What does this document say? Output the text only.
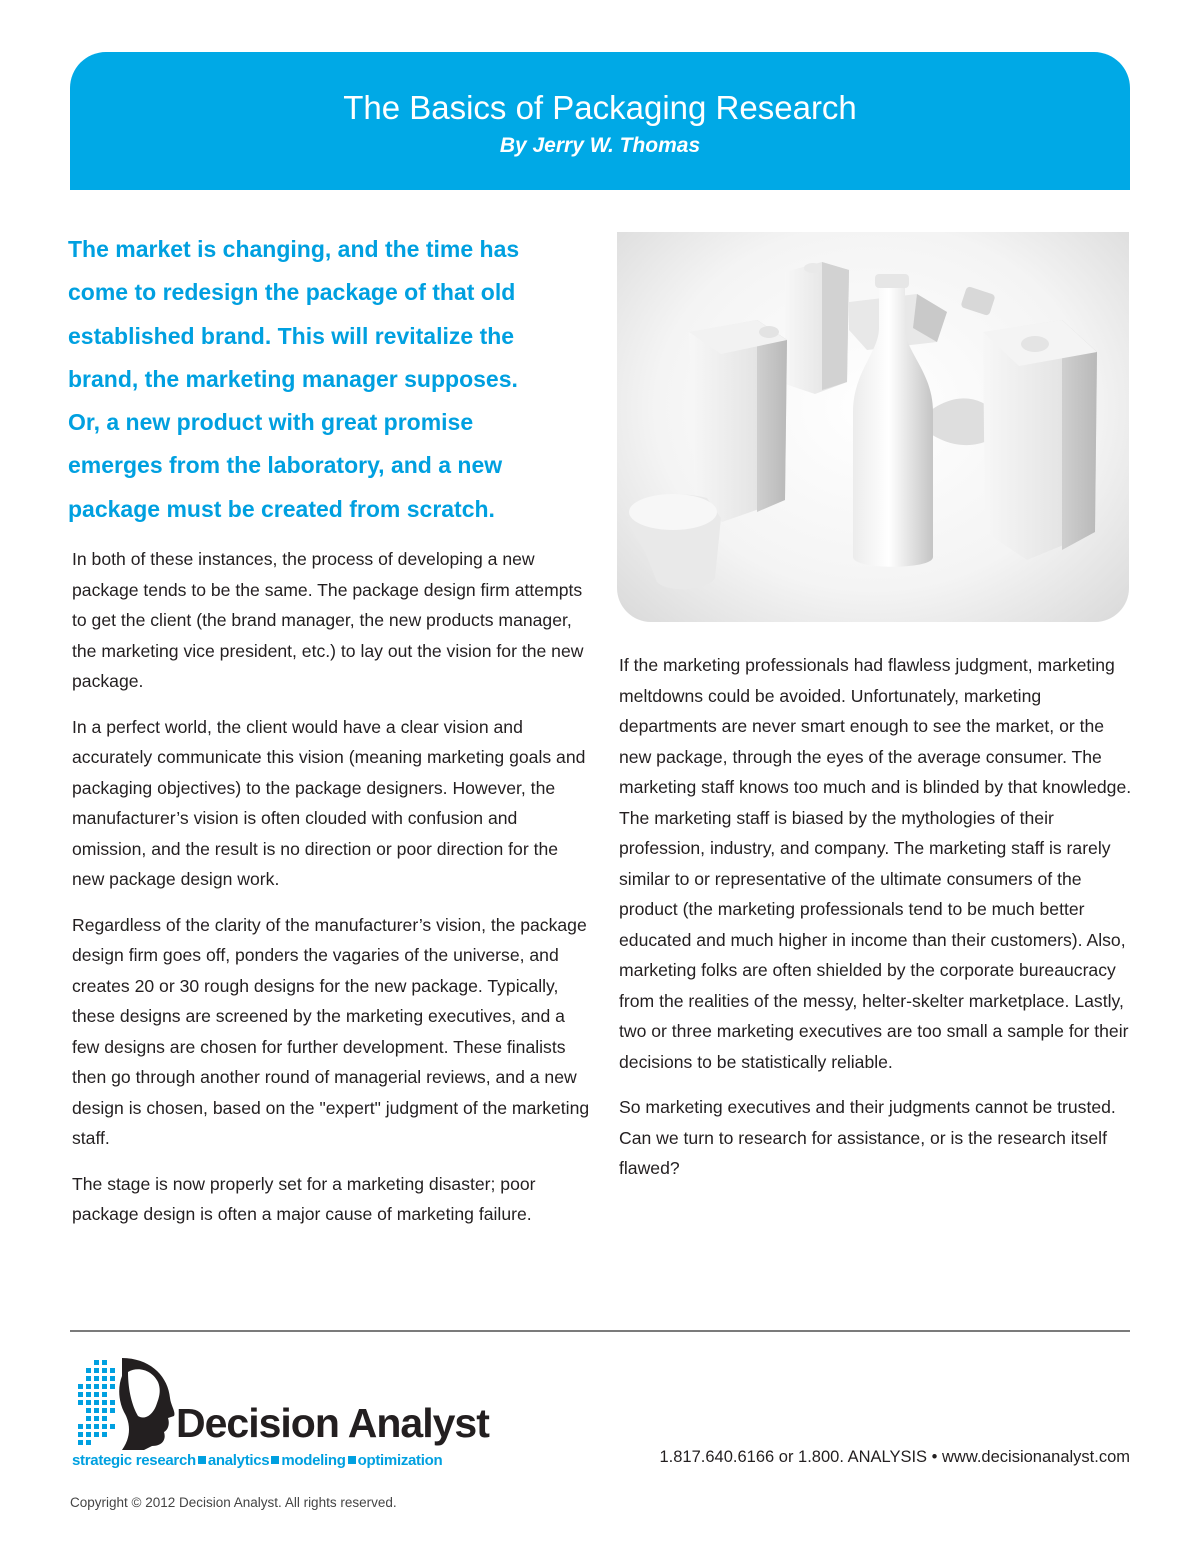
The Basics of Packaging Research
By Jerry W. Thomas

The market is changing, and the time has

come to redesign the package of that old

established brand. This will revitalize the

brand, the marketing manager supposes.

Or, a new product with great promise

emerges from the laboratory, and a new

package must be created from scratch.

In both of these instances, the process of developing a new package tends to be the same. The package design firm attempts to get the client (the brand manager, the new products manager, the marketing vice president, etc.) to lay out the vision for the new package.

In a perfect world, the client would have a clear vision and accurately communicate this vision (meaning marketing goals and packaging objectives) to the package designers. However, the manufacturer’s vision is often clouded with confusion and omission, and the result is no direction or poor direction for the new package design work.

Regardless of the clarity of the manufacturer’s vision, the package design firm goes off, ponders the vagaries of the universe, and creates 20 or 30 rough designs for the new package. Typically, these designs are screened by the marketing executives, and a few designs are chosen for further development. These finalists then go through another round of managerial reviews, and a new design is chosen, based on the "expert" judgment of the marketing staff.

The stage is now properly set for a marketing disaster; poor package design is often a major cause of marketing failure.

If the marketing professionals had flawless judgment, marketing meltdowns could be avoided. Unfortunately, marketing departments are never smart enough to see the market, or the new package, through the eyes of the average consumer. The marketing staff knows too much and is blinded by that knowledge. The marketing staff is biased by the mythologies of their profession, industry, and company. The marketing staff is rarely similar to or representative of the ultimate consumers of the product (the marketing professionals tend to be much better educated and much higher in income than their customers). Also, marketing folks are often shielded by the corporate bureaucracy from the realities of the messy, helter-skelter marketplace. Lastly, two or three marketing executives are too small a sample for their decisions to be statistically reliable.

So marketing executives and their judgments cannot be trusted. Can we turn to research for assistance, or is the research itself flawed?

Decision Analyst
strategic research analytics modeling optimization	1.817.640.6166 or 1.800. ANALYSIS • www.decisionanalyst.com
Copyright © 2012 Decision Analyst. All rights reserved.
